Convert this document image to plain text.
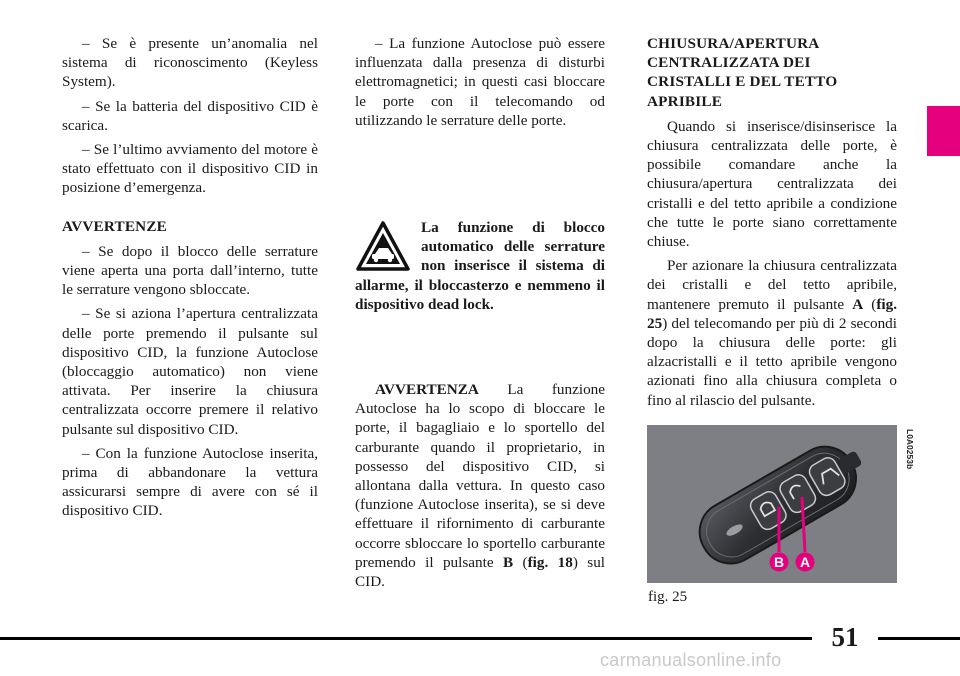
– Se è presente un’anomalia nel sistema di riconoscimento (Keyless System).

– Se la batteria del dispositivo CID è scarica.

– Se l’ultimo avviamento del motore è stato effettuato con il dispositivo CID in posizione d’emergenza.

AVVERTENZE

– Se dopo il blocco delle serrature viene aperta una porta dall’interno, tutte le serrature vengono sbloccate.

– Se si aziona l’apertura centralizzata delle porte premendo il pulsante sul dispositivo CID, la funzione Autoclose (bloccaggio automatico) non viene attivata. Per inserire la chiusura centralizzata occorre premere il relativo pulsante sul dispositivo CID.

– Con la funzione Autoclose inserita, prima di abbandonare la vettura assicurarsi sempre di avere con sé il dispositivo CID.

– La funzione Autoclose può essere influenzata dalla presenza di disturbi elettromagnetici; in questi casi bloccare le porte con il telecomando od utilizzando le serrature delle porte.

La funzione di blocco automatico delle serrature non inserisce il sistema di allarme, il bloccasterzo e nemmeno il dispositivo dead lock.

AVVERTENZA La funzione Autoclose ha lo scopo di bloccare le porte, il bagagliaio e lo sportello del carburante quando il proprietario, in possesso del dispositivo CID, si allontana dalla vettura. In questo caso (funzione Autoclose inserita), se si deve effettuare il rifornimento di carburante occorre sbloccare lo sportello carburante premendo il pulsante B (fig. 18) sul CID.

CHIUSURA/APERTURA CENTRALIZZATA DEI CRISTALLI E DEL TETTO APRIBILE

Quando si inserisce/disinserisce la chiusura centralizzata delle porte, è possibile comandare anche la chiusura/apertura centralizzata dei cristalli e del tetto apribile a condizione che tutte le porte siano correttamente chiuse.

Per azionare la chiusura centralizzata dei cristalli e del tetto apribile, mantenere premuto il pulsante A (fig. 25) del telecomando per più di 2 secondi dopo la chiusura delle porte: gli alzacristalli e il tetto apribile vengono azionati fino alla chiusura completa o fino al rilascio del pulsante.

B A
L0A0253b
fig. 25
51
carmanualsonline.info
